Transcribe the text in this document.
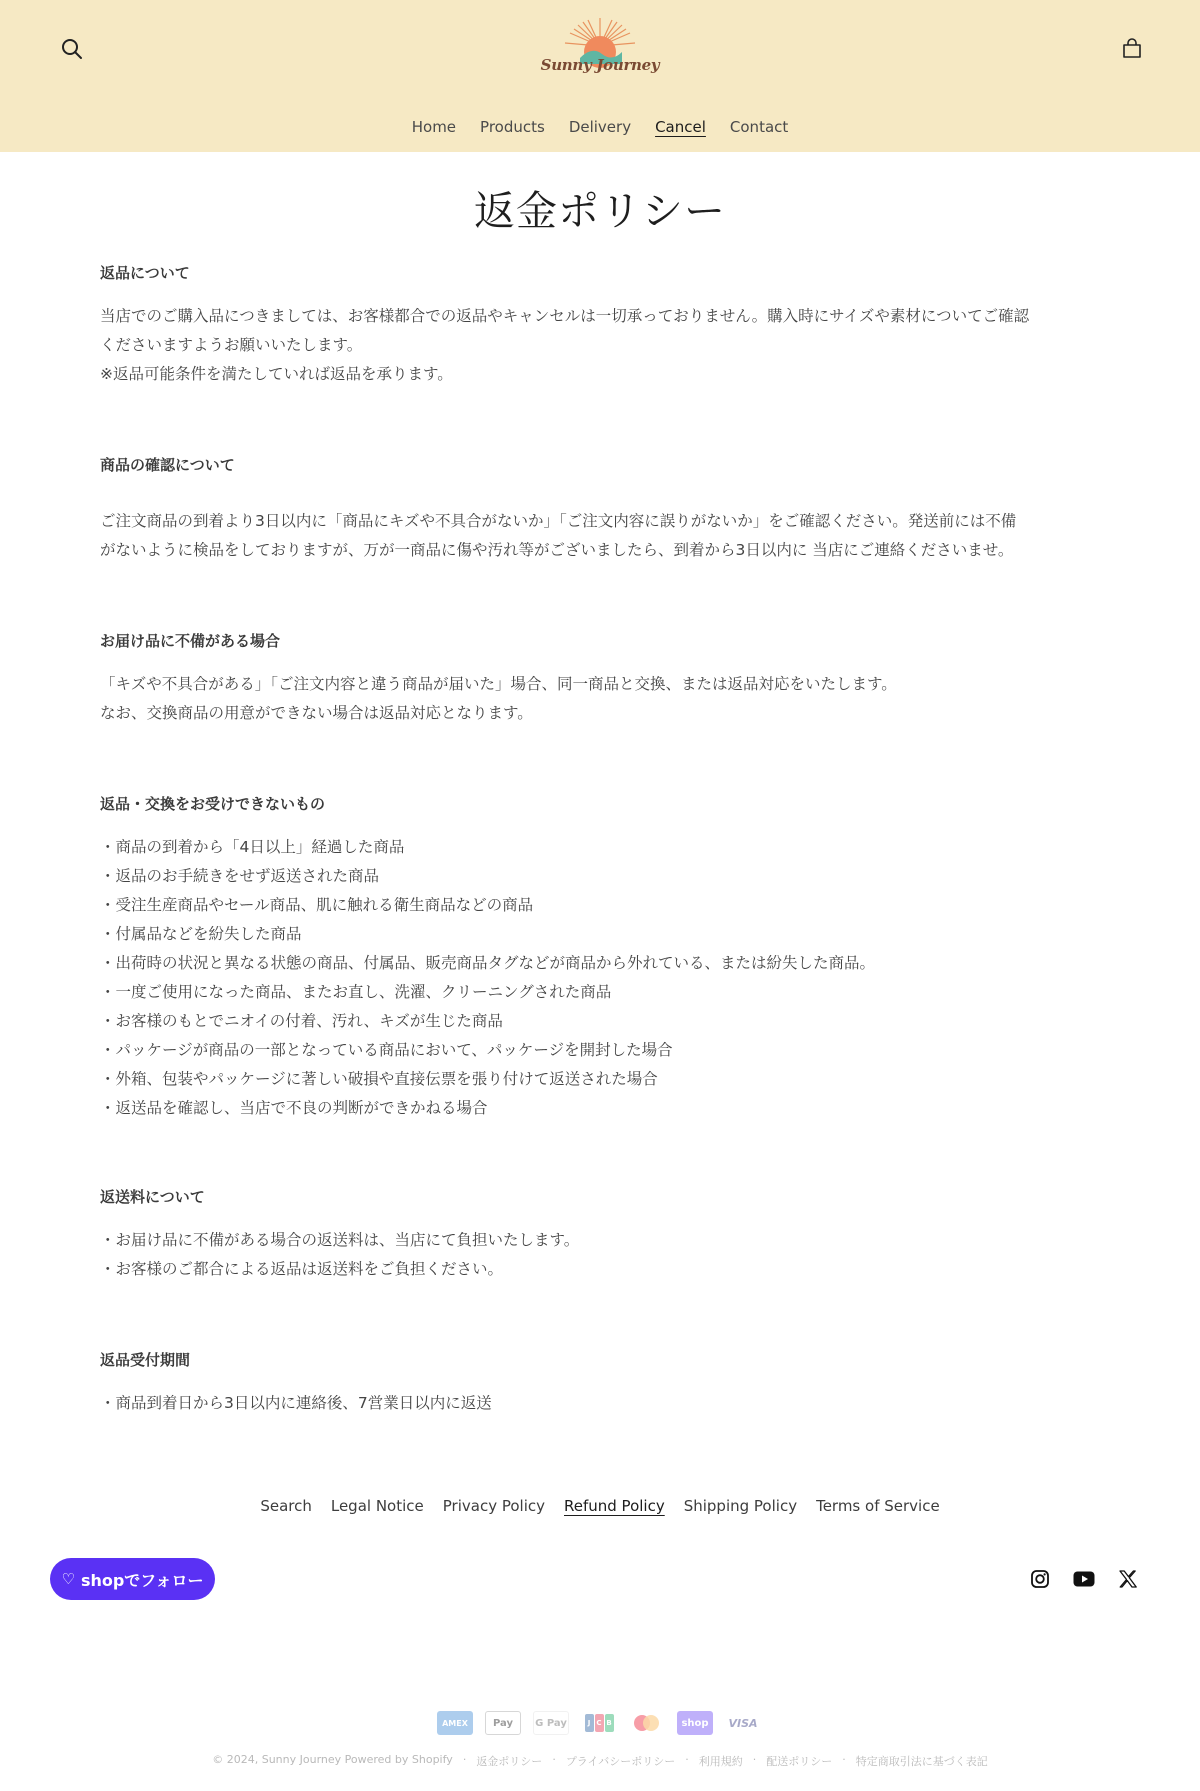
Sunny Journey
Home Products Delivery Cancel Contact
返金ポリシー
返品について
当店でのご購入品につきましては、お客様都合での返品やキャンセルは一切承っておりません。購入時にサイズや素材についてご確認
くださいますようお願いいたします。
※返品可能条件を満たしていれば返品を承ります。
商品の確認について
ご注文商品の到着より3日以内に「商品にキズや不具合がないか」「ご注文内容に誤りがないか」をご確認ください。発送前には不備
がないように検品をしておりますが、万が一商品に傷や汚れ等がございましたら、到着から3日以内に 当店にご連絡くださいませ。
お届け品に不備がある場合
「キズや不具合がある」「ご注文内容と違う商品が届いた」場合、同一商品と交換、または返品対応をいたします。
なお、交換商品の用意ができない場合は返品対応となります。
返品・交換をお受けできないもの
・商品の到着から「4日以上」経過した商品
・返品のお手続きをせず返送された商品
・受注生産商品やセール商品、肌に触れる衛生商品などの商品
・付属品などを紛失した商品
・出荷時の状況と異なる状態の商品、付属品、販売商品タグなどが商品から外れている、または紛失した商品。
・一度ご使用になった商品、またお直し、洗濯、クリーニングされた商品
・お客様のもとでニオイの付着、汚れ、キズが生じた商品
・パッケージが商品の一部となっている商品において、パッケージを開封した場合
・外箱、包装やパッケージに著しい破損や直接伝票を張り付けて返送された場合
・返送品を確認し、当店で不良の判断ができかねる場合
返送料について
・お届け品に不備がある場合の返送料は、当店にて負担いたします。
・お客様のご都合による返品は返送料をご負担ください。
返品受付期間
・商品到着日から3日以内に連絡後、7営業日以内に返送
Search Legal Notice Privacy Policy Refund Policy Shipping Policy Terms of Service
♡ shopでフォロー
AMEX	Pay	G Pay	J C B	shop	VISA
© 2024, Sunny Journey Powered by Shopify · 返金ポリシー · プライバシーポリシー · 利用規約 · 配送ポリシー · 特定商取引法に基づく表記
